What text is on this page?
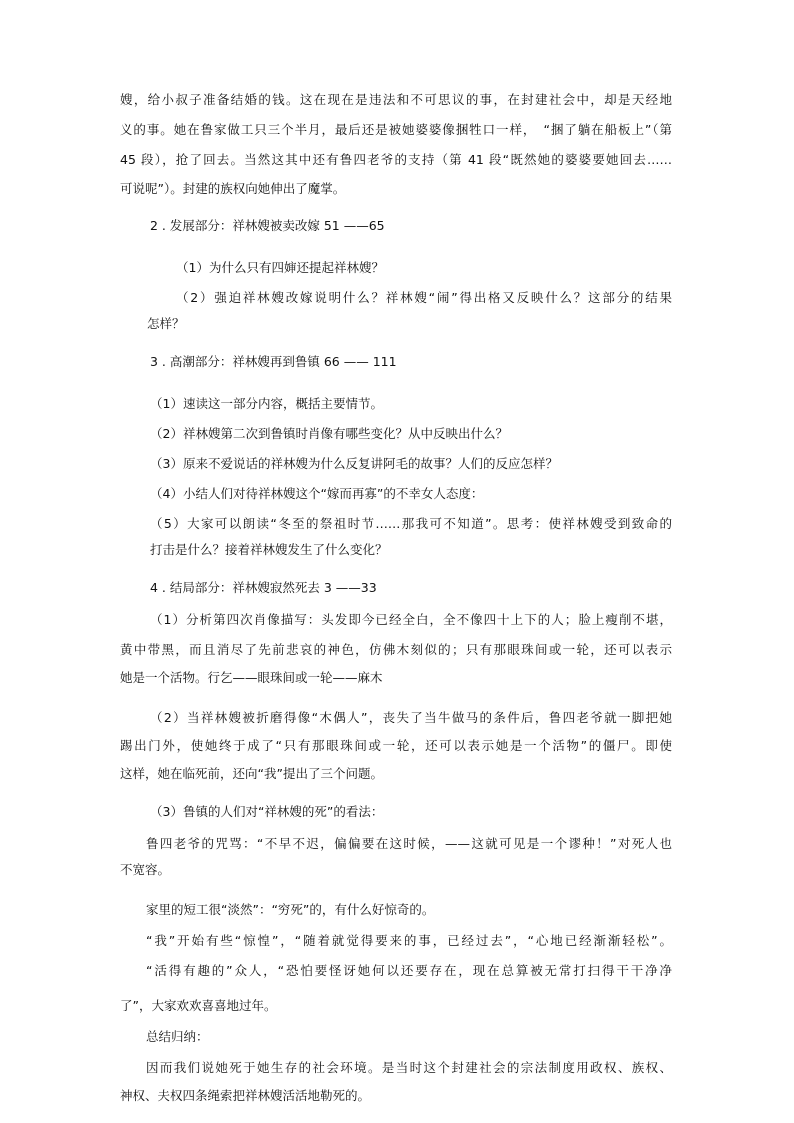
嫂，给小叔子准备结婚的钱。这在现在是违法和不可思议的事，在封建社会中，却是天经地
义的事。她在鲁家做工只三个半月，最后还是被她婆婆像捆牲口一样，　“捆了躺在船板上”（第
45 段），抢了回去。当然这其中还有鲁四老爷的支持（第 41 段“既然她的婆婆要她回去……
可说呢”）。封建的族权向她伸出了魔掌。
2 . 发展部分：祥林嫂被卖改嫁 51 ——65
（1）为什么只有四婶还提起祥林嫂？
（2）强迫祥林嫂改嫁说明什么？祥林嫂“闹”得出格又反映什么？这部分的结果
怎样？
3 . 高潮部分：祥林嫂再到鲁镇 66 —— 111
（1）速读这一部分内容，概括主要情节。
（2）祥林嫂第二次到鲁镇时肖像有哪些变化？从中反映出什么？
（3）原来不爱说话的祥林嫂为什么反复讲阿毛的故事？人们的反应怎样？
（4）小结人们对待祥林嫂这个“嫁而再寡”的不幸女人态度：
（5）大家可以朗读“冬至的祭祖时节……那我可不知道”。思考：使祥林嫂受到致命的
打击是什么？接着祥林嫂发生了什么变化？
4 . 结局部分：祥林嫂寂然死去 3 ——33
（1）分析第四次肖像描写：头发即今已经全白，全不像四十上下的人；脸上瘦削不堪，
黄中带黑，而且消尽了先前悲哀的神色，仿佛木刻似的；只有那眼珠间或一轮，还可以表示
她是一个活物。行乞——眼珠间或一轮——麻木
（2）当祥林嫂被折磨得像“木偶人”，丧失了当牛做马的条件后，鲁四老爷就一脚把她
踢出门外，使她终于成了“只有那眼珠间或一轮，还可以表示她是一个活物”的僵尸。即使
这样，她在临死前，还向“我”提出了三个问题。
（3）鲁镇的人们对“祥林嫂的死”的看法：
鲁四老爷的咒骂：“不早不迟，偏偏要在这时候，——这就可见是一个谬种！”对死人也
不宽容。
家里的短工很“淡然”：“穷死”的，有什么好惊奇的。
“我”开始有些“惊惶”，“随着就觉得要来的事，已经过去”，“心地已经渐渐轻松”。
“活得有趣的”众人，“恐怕要怪讶她何以还要存在，现在总算被无常打扫得干干净净
了”，大家欢欢喜喜地过年。
总结归纳：
因而我们说她死于她生存的社会环境。是当时这个封建社会的宗法制度用政权、族权、
神权、夫权四条绳索把祥林嫂活活地勒死的。
